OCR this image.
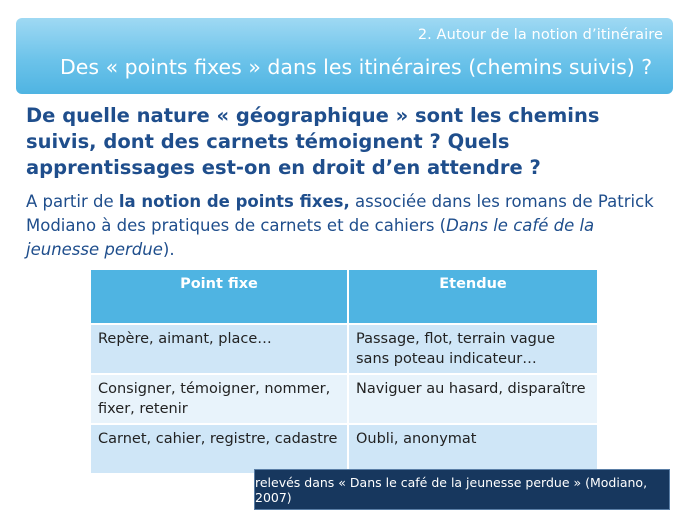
2. Autour de la notion d’itinéraire
Des « points fixes » dans les itinéraires (chemins suivis) ?
De quelle nature « géographique » sont les chemins suivis, dont des carnets témoignent ? Quels apprentissages est-on en droit d’en attendre ?
A partir de la notion de points fixes, associée dans les romans de Patrick Modiano à des pratiques de carnets et de cahiers (Dans le café de la jeunesse perdue).
Point fixe	Etendue
Repère, aimant, place…	Passage, flot, terrain vague sans poteau indicateur…
Consigner, témoigner, nommer, fixer, retenir	Naviguer au hasard, disparaître
Carnet, cahier, registre, cadastre	Oubli, anonymat
relevés dans « Dans le café de la jeunesse perdue » (Modiano, 2007)
